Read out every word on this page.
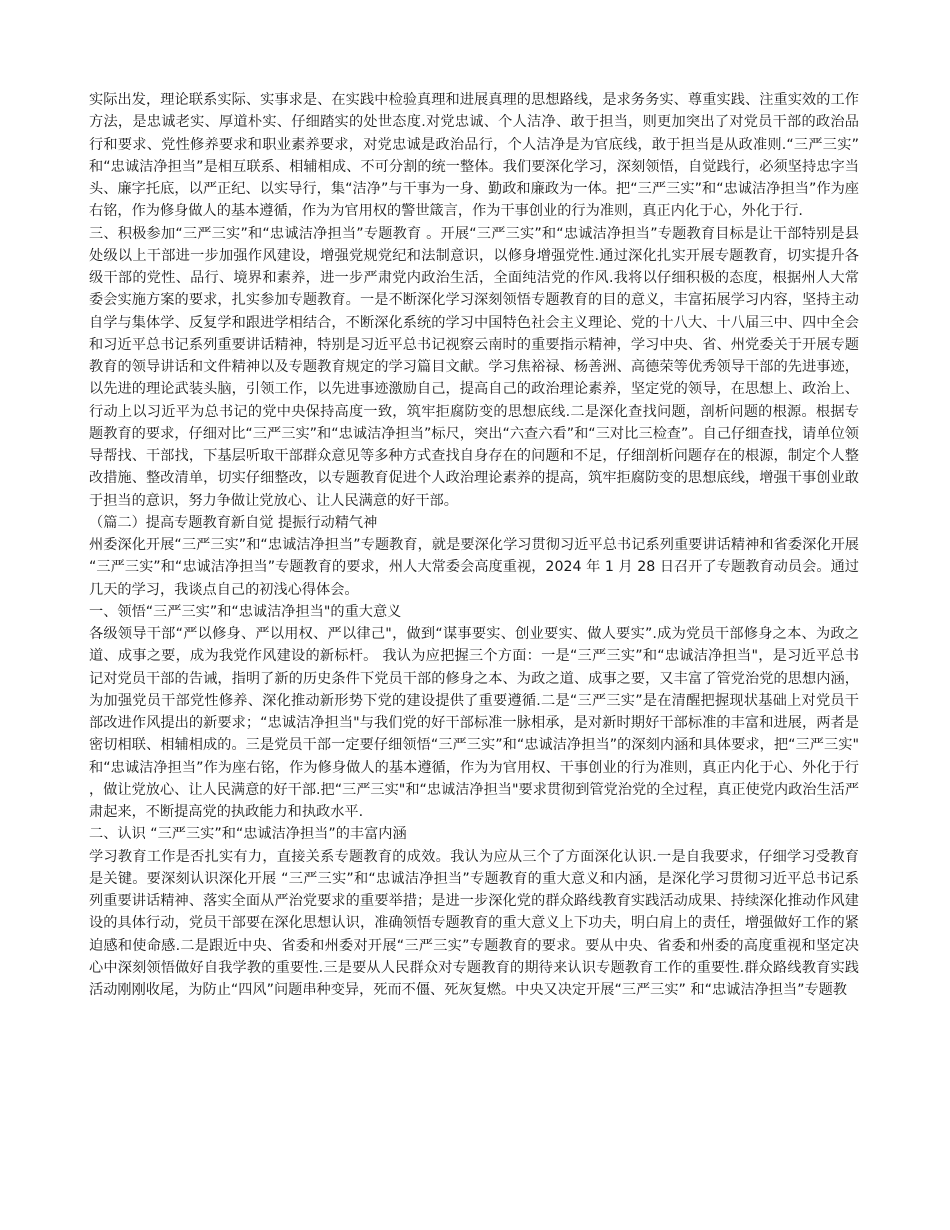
实际出发，理论联系实际、实事求是、在实践中检验真理和进展真理的思想路线，是求务务实、尊重实践、注重实效的工作方法，是忠诚老实、厚道朴实、仔细踏实的处世态度.对党忠诚、个人洁净、敢于担当，则更加突出了对党员干部的政治品行和要求、党性修养要求和职业素养要求，对党忠诚是政治品行，个人洁净是为官底线，敢于担当是从政准则.“三严三实”和“忠诚洁净担当”是相互联系、相辅相成、不可分割的统一整体。我们要深化学习，深刻领悟，自觉践行，必须坚持忠字当头、廉字托底，以严正纪、以实导行，集“洁净”与干事为一身、勤政和廉政为一体。把“三严三实”和“忠诚洁净担当”作为座右铭，作为修身做人的基本遵循，作为为官用权的警世箴言，作为干事创业的行为准则，真正内化于心，外化于行.

三、积极参加“三严三实”和“忠诚洁净担当”专题教育 。开展“三严三实”和“忠诚洁净担当”专题教育目标是让干部特别是县处级以上干部进一步加强作风建设，增强党规党纪和法制意识，以修身增强党性.通过深化扎实开展专题教育，切实提升各级干部的党性、品行、境界和素养，进一步严肃党内政治生活，全面纯洁党的作风.我将以仔细积极的态度，根据州人大常委会实施方案的要求，扎实参加专题教育。一是不断深化学习深刻领悟专题教育的目的意义，丰富拓展学习内容，坚持主动自学与集体学、反复学和跟进学相结合，不断深化系统的学习中国特色社会主义理论、党的十八大、十八届三中、四中全会和习近平总书记系列重要讲话精神，特别是习近平总书记视察云南时的重要指示精神，学习中央、省、州党委关于开展专题教育的领导讲话和文件精神以及专题教育规定的学习篇目文献。学习焦裕禄、杨善洲、高德荣等优秀领导干部的先进事迹，以先进的理论武装头脑，引领工作，以先进事迹激励自己，提高自己的政治理论素养，坚定党的领导，在思想上、政治上、行动上以习近平为总书记的党中央保持高度一致，筑牢拒腐防变的思想底线.二是深化查找问题，剖析问题的根源。根据专题教育的要求，仔细对比“三严三实”和“忠诚洁净担当”标尺，突出“六查六看”和“三对比三检查”。自己仔细查找，请单位领导帮找、干部找，下基层听取干部群众意见等多种方式查找自身存在的问题和不足，仔细剖析问题存在的根源，制定个人整改措施、整改清单，切实仔细整改，以专题教育促进个人政治理论素养的提高，筑牢拒腐防变的思想底线，增强干事创业敢于担当的意识，努力争做让党放心、让人民满意的好干部。

（篇二）提高专题教育新自觉 提振行动精气神

州委深化开展“三严三实”和“忠诚洁净担当”专题教育，就是要深化学习贯彻习近平总书记系列重要讲话精神和省委深化开展“三严三实”和“忠诚洁净担当”专题教育的要求，州人大常委会高度重视，2024 年 1 月 28 日召开了专题教育动员会。通过几天的学习，我谈点自己的初浅心得体会。

一、领悟“三严三实”和“忠诚洁净担当"的重大意义

各级领导干部“严以修身、严以用权、严以律己"，做到“谋事要实、创业要实、做人要实”.成为党员干部修身之本、为政之道、成事之要，成为我党作风建设的新标杆。 我认为应把握三个方面：一是“三严三实”和“忠诚洁净担当"，是习近平总书记对党员干部的告诫，指明了新的历史条件下党员干部的修身之本、为政之道、成事之要，又丰富了管党治党的思想内涵，为加强党员干部党性修养、深化推动新形势下党的建设提供了重要遵循.二是“三严三实”是在清醒把握现状基础上对党员干部改进作风提出的新要求；“忠诚洁净担当"与我们党的好干部标准一脉相承，是对新时期好干部标准的丰富和进展，两者是密切相联、相辅相成的。三是党员干部一定要仔细领悟“三严三实”和“忠诚洁净担当”的深刻内涵和具体要求，把“三严三实"和“忠诚洁净担当”作为座右铭，作为修身做人的基本遵循，作为为官用权、干事创业的行为准则，真正内化于心、外化于行，做让党放心、让人民满意的好干部.把“三严三实"和“忠诚洁净担当"要求贯彻到管党治党的全过程，真正使党内政治生活严肃起来，不断提高党的执政能力和执政水平.

二、认识 “三严三实”和“忠诚洁净担当”的丰富内涵

学习教育工作是否扎实有力，直接关系专题教育的成效。我认为应从三个了方面深化认识.一是自我要求，仔细学习受教育是关键。要深刻认识深化开展 “三严三实”和“忠诚洁净担当”专题教育的重大意义和内涵，是深化学习贯彻习近平总书记系列重要讲话精神、落实全面从严治党要求的重要举措；是进一步深化党的群众路线教育实践活动成果、持续深化推动作风建设的具体行动，党员干部要在深化思想认识，准确领悟专题教育的重大意义上下功夫，明白肩上的责任，增强做好工作的紧迫感和使命感.二是跟近中央、省委和州委对开展“三严三实”专题教育的要求。要从中央、省委和州委的高度重视和坚定决心中深刻领悟做好自我学教的重要性.三是要从人民群众对专题教育的期待来认识专题教育工作的重要性.群众路线教育实践活动刚刚收尾，为防止“四风”问题串种变异，死而不僵、死灰复燃。中央又决定开展“三严三实” 和“忠诚洁净担当”专题教
